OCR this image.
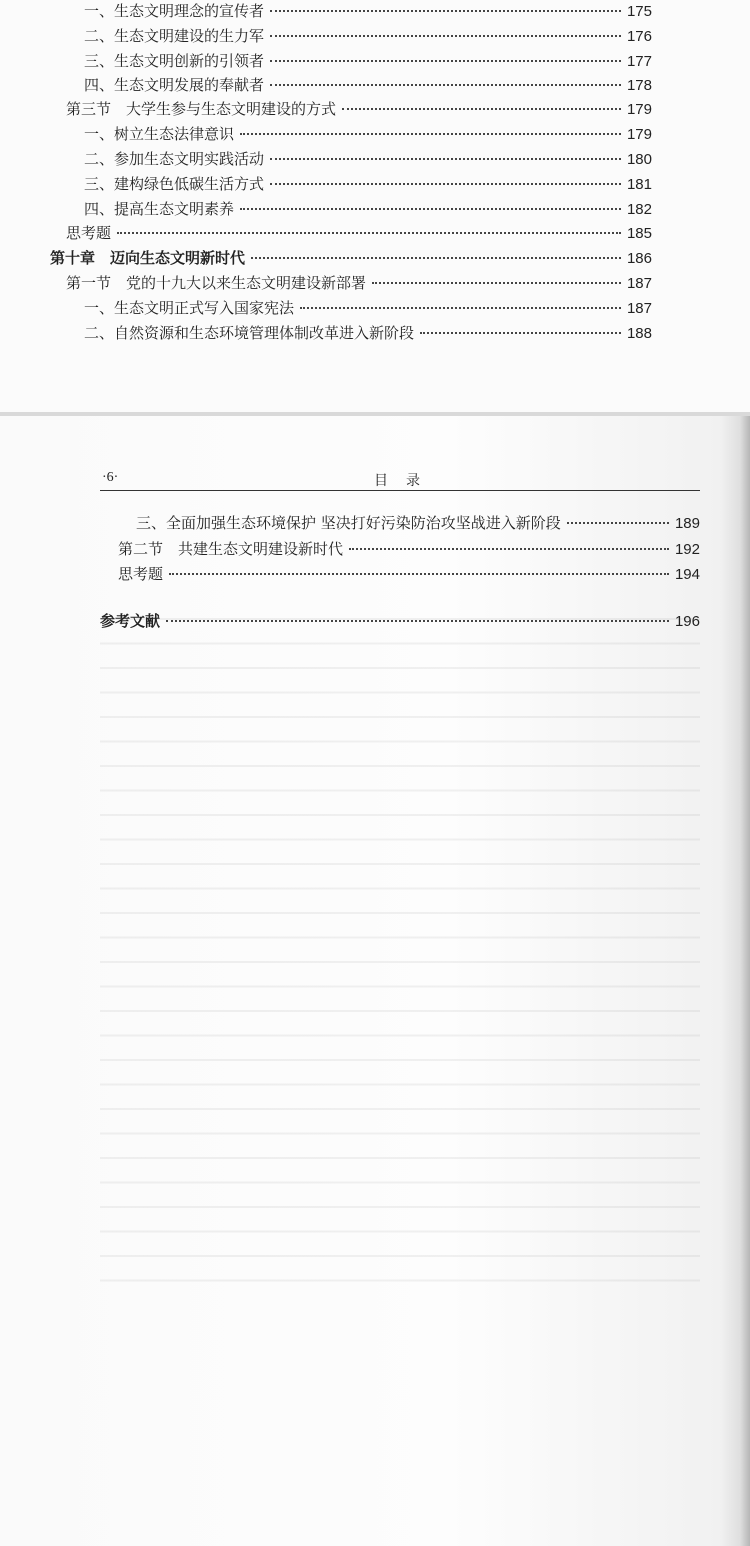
一、生态文明理念的宣传者	175
二、生态文明建设的生力军	176
三、生态文明创新的引领者	177
四、生态文明发展的奉献者	178
第三节　大学生参与生态文明建设的方式	179
一、树立生态法律意识	179
二、参加生态文明实践活动	180
三、建构绿色低碳生活方式	181
四、提高生态文明素养	182
思考题	185
第十章　迈向生态文明新时代	186
第一节　党的十九大以来生态文明建设新部署	187
一、生态文明正式写入国家宪法	187
二、自然资源和生态环境管理体制改革进入新阶段	188
·6·	目录
三、全面加强生态环境保护 坚决打好污染防治攻坚战进入新阶段	189
第二节　共建生态文明建设新时代	192
思考题	194
参考文献	196
